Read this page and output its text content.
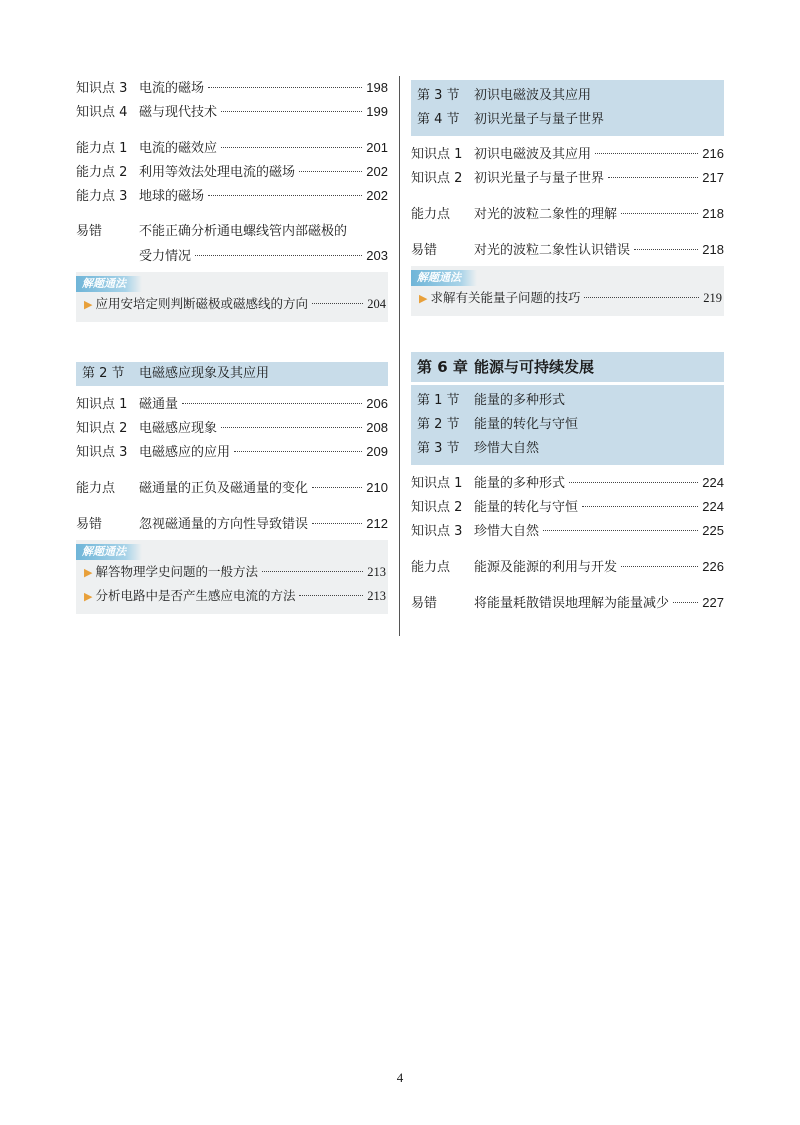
知识点 3 电流的磁场	198
知识点 4 磁与现代技术	199
能力点 1 电流的磁效应	201
能力点 2 利用等效法处理电流的磁场	202
能力点 3 地球的磁场	202
易错	不能正确分析通电螺线管内部磁极的
受力情况	203
解题通法
▶ 应用安培定则判断磁极或磁感线的方向	204
第 2 节	电磁感应现象及其应用
知识点 1 磁通量	206
知识点 2 电磁感应现象	208
知识点 3 电磁感应的应用	209
能力点	磁通量的正负及磁通量的变化	210
易错	忽视磁通量的方向性导致错误	212
解题通法
▶ 解答物理学史问题的一般方法	213
▶ 分析电路中是否产生感应电流的方法	213
第 3 节	初识电磁波及其应用
第 4 节	初识光量子与量子世界
知识点 1 初识电磁波及其应用	216
知识点 2 初识光量子与量子世界	217
能力点	对光的波粒二象性的理解	218
易错	对光的波粒二象性认识错误	218
解题通法
▶ 求解有关能量子问题的技巧	219
第 6 章 能源与可持续发展
第 1 节	能量的多种形式
第 2 节	能量的转化与守恒
第 3 节	珍惜大自然
知识点 1 能量的多种形式	224
知识点 2 能量的转化与守恒	224
知识点 3 珍惜大自然	225
能力点	能源及能源的利用与开发	226
易错	将能量耗散错误地理解为能量减少	227
4
